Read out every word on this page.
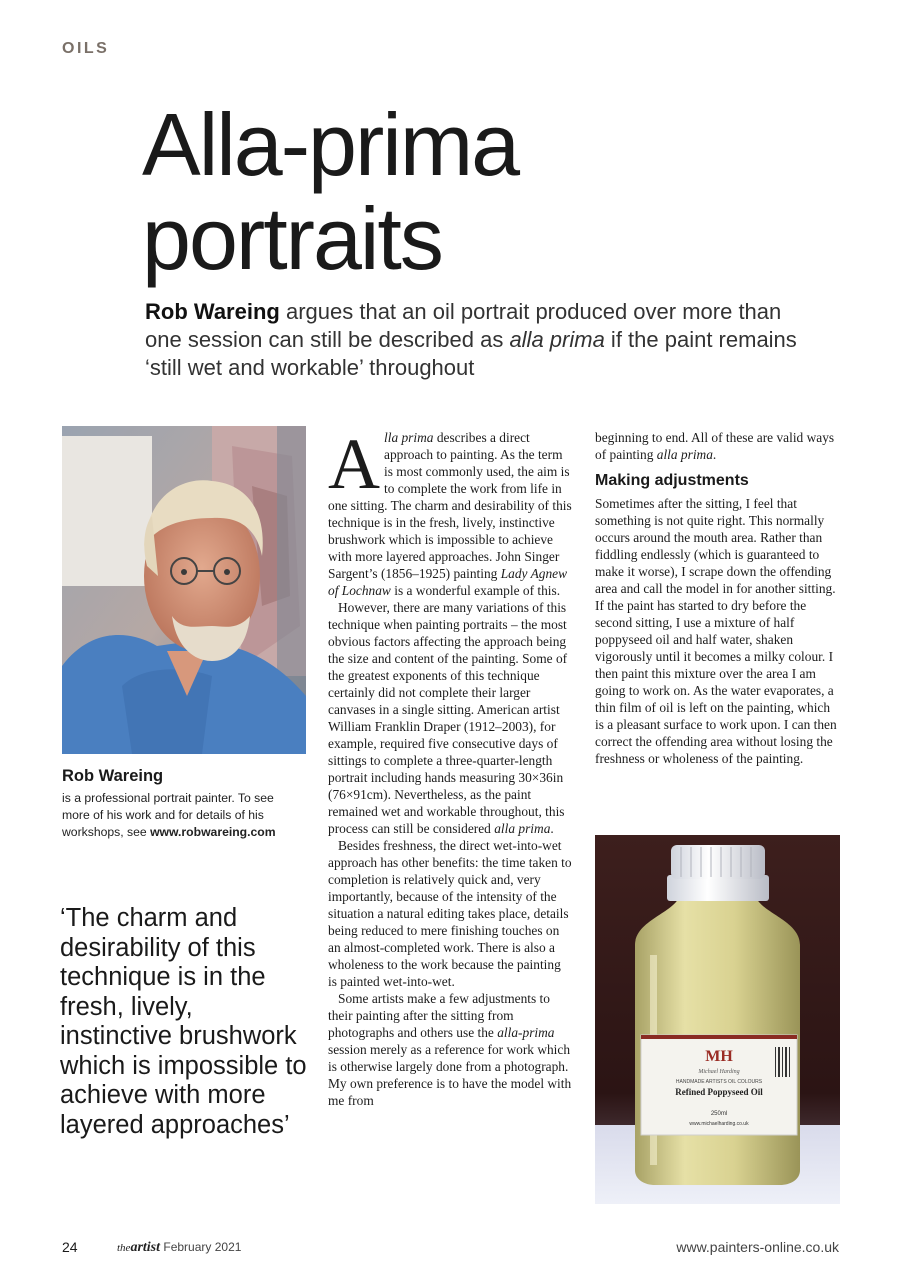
OILS
Alla-prima
portraits
Rob Wareing argues that an oil portrait produced over more than one session can still be described as alla prima if the paint remains ‘still wet and workable’ throughout
Rob Wareing
is a professional portrait painter. To see more of his work and for details of his workshops, see www.robwareing.com
‘The charm and desirability of this technique is in the fresh, lively, instinctive brushwork which is impossible to achieve with more layered approaches’

Alla prima describes a direct approach to painting. As the term is most commonly used, the aim is to complete the work from life in one sitting. The charm and desirability of this technique is in the fresh, lively, instinctive brushwork which is impossible to achieve with more layered approaches. John Singer Sargent’s (1856–1925) painting Lady Agnew of Lochnaw is a wonderful example of this.

However, there are many variations of this technique when painting portraits – the most obvious factors affecting the approach being the size and content of the painting. Some of the greatest exponents of this technique certainly did not complete their larger canvases in a single sitting. American artist William Franklin Draper (1912–2003), for example, required five consecutive days of sittings to complete a three-quarter-length portrait including hands measuring 30×36in (76×91cm). Nevertheless, as the paint remained wet and workable throughout, this process can still be considered alla prima.

Besides freshness, the direct wet-into-wet approach has other benefits: the time taken to completion is relatively quick and, very importantly, because of the intensity of the situation a natural editing takes place, details being reduced to mere finishing touches on an almost-completed work. There is also a wholeness to the work because the painting is painted wet-into-wet.

Some artists make a few adjustments to their painting after the sitting from photographs and others use the alla-prima session merely as a reference for work which is otherwise largely done from a photograph. My own preference is to have the model with me from

beginning to end. All of these are valid ways of painting alla prima.

Making adjustments

Sometimes after the sitting, I feel that something is not quite right. This normally occurs around the mouth area. Rather than fiddling endlessly (which is guaranteed to make it worse), I scrape down the offending area and call the model in for another sitting. If the paint has started to dry before the second sitting, I use a mixture of half poppyseed oil and half water, shaken vigorously until it becomes a milky colour. I then paint this mixture over the area I am going to work on. As the water evaporates, a thin film of oil is left on the painting, which is a pleasant surface to work upon. I can then correct the offending area without losing the freshness or wholeness of the painting.

MH
Michael Harding
HANDMADE ARTISTS OIL COLOURS
Refined Poppyseed Oil
250ml
www.michaelharding.co.uk
24	theartist February 2021	www.painters-online.co.uk
